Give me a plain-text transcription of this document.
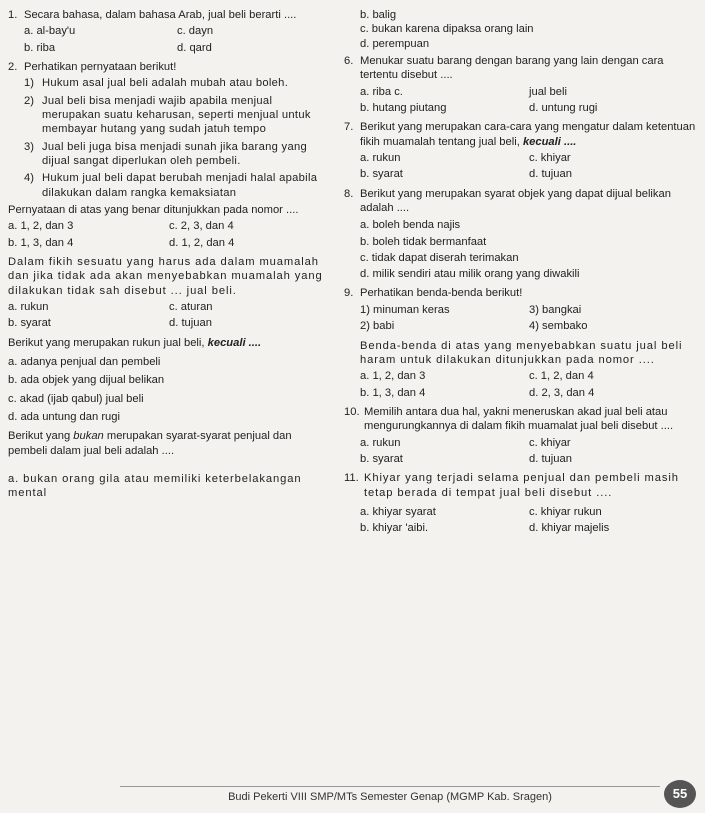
1. Secara bahasa, dalam bahasa Arab, jual beli berarti ....
a. al-bay'u	c. dayn
b. riba	d. qard
2. Perhatikan pernyataan berikut!
1) Hukum asal jual beli adalah mubah atau boleh.
2) Jual beli bisa menjadi wajib apabila menjual merupakan suatu keharusan, seperti menjual untuk membayar hutang yang sudah jatuh tempo
3) Jual beli juga bisa menjadi sunah jika barang yang dijual sangat diperlukan oleh pembeli.
4) Hukum jual beli dapat berubah menjadi halal apabila dilakukan dalam rangka kemaksiatan
Pernyataan di atas yang benar ditunjukkan pada nomor ....
a. 1, 2, dan 3	c. 2, 3, dan 4
b. 1, 3, dan 4	d. 1, 2, dan 4
Dalam fikih sesuatu yang harus ada dalam muamalah dan jika tidak ada akan menyebabkan muamalah yang dilakukan tidak sah disebut ... jual beli.
a. rukun	c. aturan
b. syarat	d. tujuan
Berikut yang merupakan rukun jual beli, kecuali ....
a. adanya penjual dan pembeli
b. ada objek yang dijual belikan
c. akad (ijab qabul) jual beli
d. ada untung dan rugi
Berikut yang bukan merupakan syarat-syarat penjual dan pembeli dalam jual beli adalah ....
a. bukan orang gila atau memiliki keterbelakangan mental
b. balig
c. bukan karena dipaksa orang lain
d. perempuan
6. Menukar suatu barang dengan barang yang lain dengan cara tertentu disebut ....
a. riba c.	jual beli
b. hutang piutang	d. untung rugi
7. Berikut yang merupakan cara-cara yang mengatur dalam ketentuan fikih muamalah tentang jual beli, kecuali ....
a. rukun	c. khiyar
b. syarat	d. tujuan
8. Berikut yang merupakan syarat objek yang dapat dijual belikan adalah ....
a. boleh benda najis
b. boleh tidak bermanfaat
c. tidak dapat diserah terimakan
d. milik sendiri atau milik orang yang diwakili
9. Perhatikan benda-benda berikut!
1) minuman keras	3) bangkai
2) babi	4) sembako
Benda-benda di atas yang menyebabkan suatu jual beli haram untuk dilakukan ditunjukkan pada nomor ....
a. 1, 2, dan 3	c. 1, 2, dan 4
b. 1, 3, dan 4	d. 2, 3, dan 4
10. Memilih antara dua hal, yakni meneruskan akad jual beli atau mengurungkannya di dalam fikih muamalat jual beli disebut ....
a. rukun	c. khiyar
b. syarat	d. tujuan
11. Khiyar yang terjadi selama penjual dan pembeli masih tetap berada di tempat jual beli disebut ....
a. khiyar syarat	c. khiyar rukun
b. khiyar 'aibi.	d. khiyar majelis
Budi Pekerti VIII SMP/MTs Semester Genap (MGMP Kab. Sragen)	55
